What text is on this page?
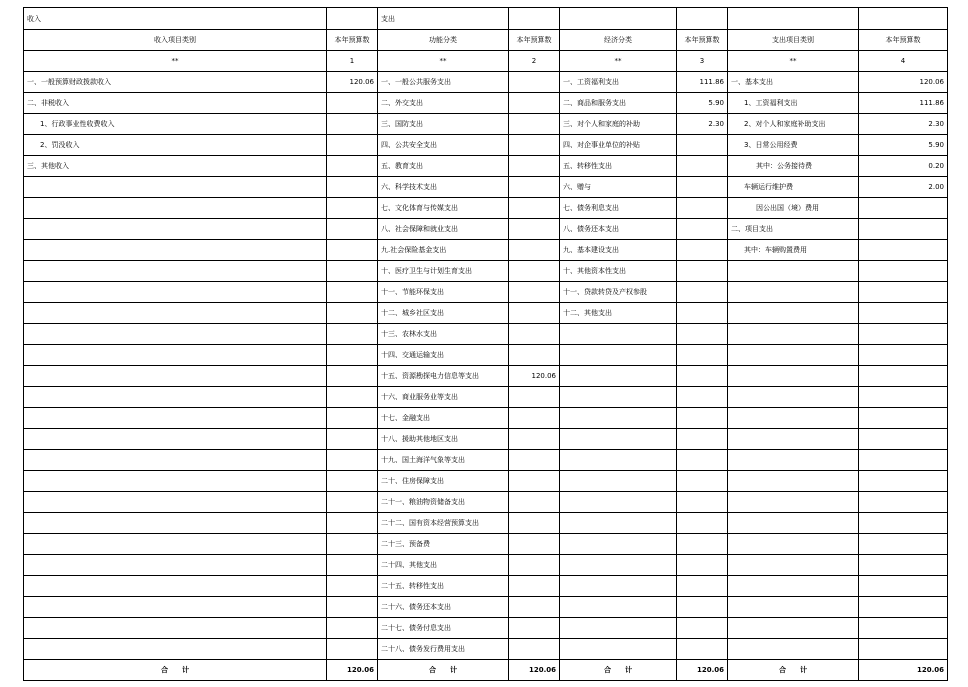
收入		支出					
收入项目类别	本年预算数	功能分类	本年预算数	经济分类	本年预算数	支出项目类别	本年预算数
**	1	**	2	**	3	**	4
一、一般预算财政拨款收入	120.06	一、一般公共服务支出		一、工资福利支出	111.86	一、基本支出	120.06
二、非税收入		二、外交支出		二、商品和服务支出	5.90	1、工资福利支出	111.86
1、行政事业性收费收入		三、国防支出		三、对个人和家庭的补助	2.30	2、对个人和家庭补助支出	2.30
2、罚没收入		四、公共安全支出		四、对企事业单位的补贴		3、日常公用经费	5.90
三、其他收入		五、教育支出		五、转移性支出		其中：公务接待费	0.20
		六、科学技术支出		六、赠与		车辆运行维护费	2.00
		七、文化体育与传媒支出		七、债务利息支出		因公出国（境）费用	
		八、社会保障和就业支出		八、债务还本支出		二、项目支出	
		九.社会保险基金支出		九、基本建设支出		其中：车辆购置费用	
		十、医疗卫生与计划生育支出		十、其他资本性支出			
		十一、节能环保支出		十一、贷款转贷及产权参股			
		十二、城乡社区支出		十二、其他支出			
		十三、农林水支出					
		十四、交通运输支出					
		十五、资源勘探电力信息等支出	120.06				
		十六、商业服务业等支出					
		十七、金融支出					
		十八、援助其他地区支出					
		十九、国土海洋气象等支出					
		二十、住房保障支出					
		二十一、粮油物资储备支出					
		二十二、国有资本经营预算支出					
		二十三、预备费					
		二十四、其他支出					
		二十五、转移性支出					
		二十六、债务还本支出					
		二十七、债务付息支出					
		二十八、债务发行费用支出					
合　　计	120.06	合　　计	120.06	合　　计	120.06	合　　计	120.06
